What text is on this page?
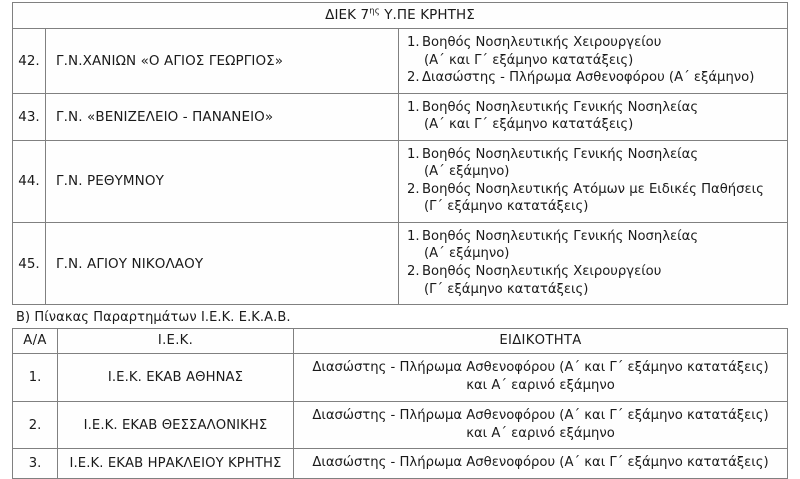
ΔΙΕΚ $7^{\eta\varsigma}$ Υ.ΠΕ ΚΡΗΤΗΣ		
42.	Γ.Ν.ΧΑΝΙΩΝ «Ο ΑΓΙΟΣ ΓΕΩΡΓΙΟΣ»	
1. Βοηθός Νοσηλευτικής Χειρουργείου
(Α΄ και Γ΄ εξάμηνο κατατάξεις)
2. Διασώστης - Πλήρωμα Ασθενοφόρου (Α΄ εξάμηνο)

43.	Γ.Ν. «ΒΕΝΙΖΕΛΕΙΟ - ΠΑΝΑΝΕΙΟ»	
1. Βοηθός Νοσηλευτικής Γενικής Νοσηλείας
(Α΄ και Γ΄ εξάμηνο κατατάξεις)

44.	Γ.Ν. ΡΕΘΥΜΝΟΥ	
1. Βοηθός Νοσηλευτικής Γενικής Νοσηλείας
(Α΄ εξάμηνο)
2. Βοηθός Νοσηλευτικής Ατόμων με Ειδικές Παθήσεις
(Γ΄ εξάμηνο κατατάξεις)

45.	Γ.Ν. ΑΓΙΟΥ ΝΙΚΟΛΑΟΥ	
1. Βοηθός Νοσηλευτικής Γενικής Νοσηλείας
(Α΄ εξάμηνο)
2. Βοηθός Νοσηλευτικής Χειρουργείου
(Γ΄ εξάμηνο κατατάξεις)
Β) Πίνακας Παραρτημάτων Ι.Ε.Κ. Ε.Κ.Α.Β.
Α/Α	Ι.Ε.Κ.	ΕΙΔΙΚΟΤΗΤΑ
1.	Ι.Ε.Κ. ΕΚΑΒ ΑΘΗΝΑΣ	Διασώστης - Πλήρωμα Ασθενοφόρου (Α΄ και Γ΄ εξάμηνο κατατάξεις)
και Α΄ εαρινό εξάμηνο

2.	Ι.Ε.Κ. ΕΚΑΒ ΘΕΣΣΑΛΟΝΙΚΗΣ	Διασώστης - Πλήρωμα Ασθενοφόρου (Α΄ και Γ΄ εξάμηνο κατατάξεις)
και Α΄ εαρινό εξάμηνο

3.	Ι.Ε.Κ. ΕΚΑΒ ΗΡΑΚΛΕΙΟΥ ΚΡΗΤΗΣ	Διασώστης - Πλήρωμα Ασθενοφόρου (Α΄ και Γ΄ εξάμηνο κατατάξεις)
